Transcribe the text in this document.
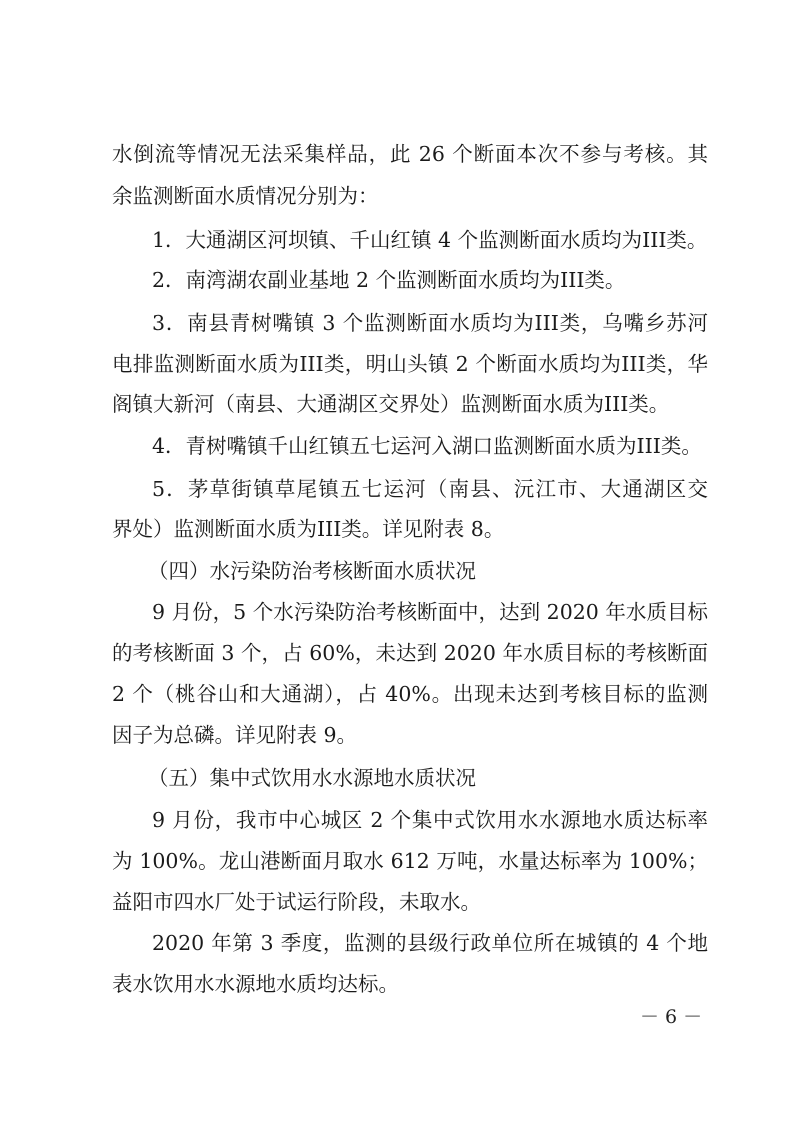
水倒流等情况无法采集样品，此 26 个断面本次不参与考核。其
余监测断面水质情况分别为：
1．大通湖区河坝镇、千山红镇 4 个监测断面水质均为III类。
2．南湾湖农副业基地 2 个监测断面水质均为III类。
3．南县青树嘴镇 3 个监测断面水质均为III类，乌嘴乡苏河
电排监测断面水质为III类，明山头镇 2 个断面水质均为III类，华
阁镇大新河（南县、大通湖区交界处）监测断面水质为III类。
4．青树嘴镇千山红镇五七运河入湖口监测断面水质为III类。
5．茅草街镇草尾镇五七运河（南县、沅江市、大通湖区交
界处）监测断面水质为III类。详见附表 8。
（四）水污染防治考核断面水质状况
9 月份，5 个水污染防治考核断面中，达到 2020 年水质目标
的考核断面 3 个，占 60%，未达到 2020 年水质目标的考核断面
2 个（桃谷山和大通湖），占 40%。出现未达到考核目标的监测
因子为总磷。详见附表 9。
（五）集中式饮用水水源地水质状况
9 月份，我市中心城区 2 个集中式饮用水水源地水质达标率
为 100%。龙山港断面月取水 612 万吨，水量达标率为 100%；
益阳市四水厂处于试运行阶段，未取水。
2020 年第 3 季度，监测的县级行政单位所在城镇的 4 个地
表水饮用水水源地水质均达标。
－ 6 －
